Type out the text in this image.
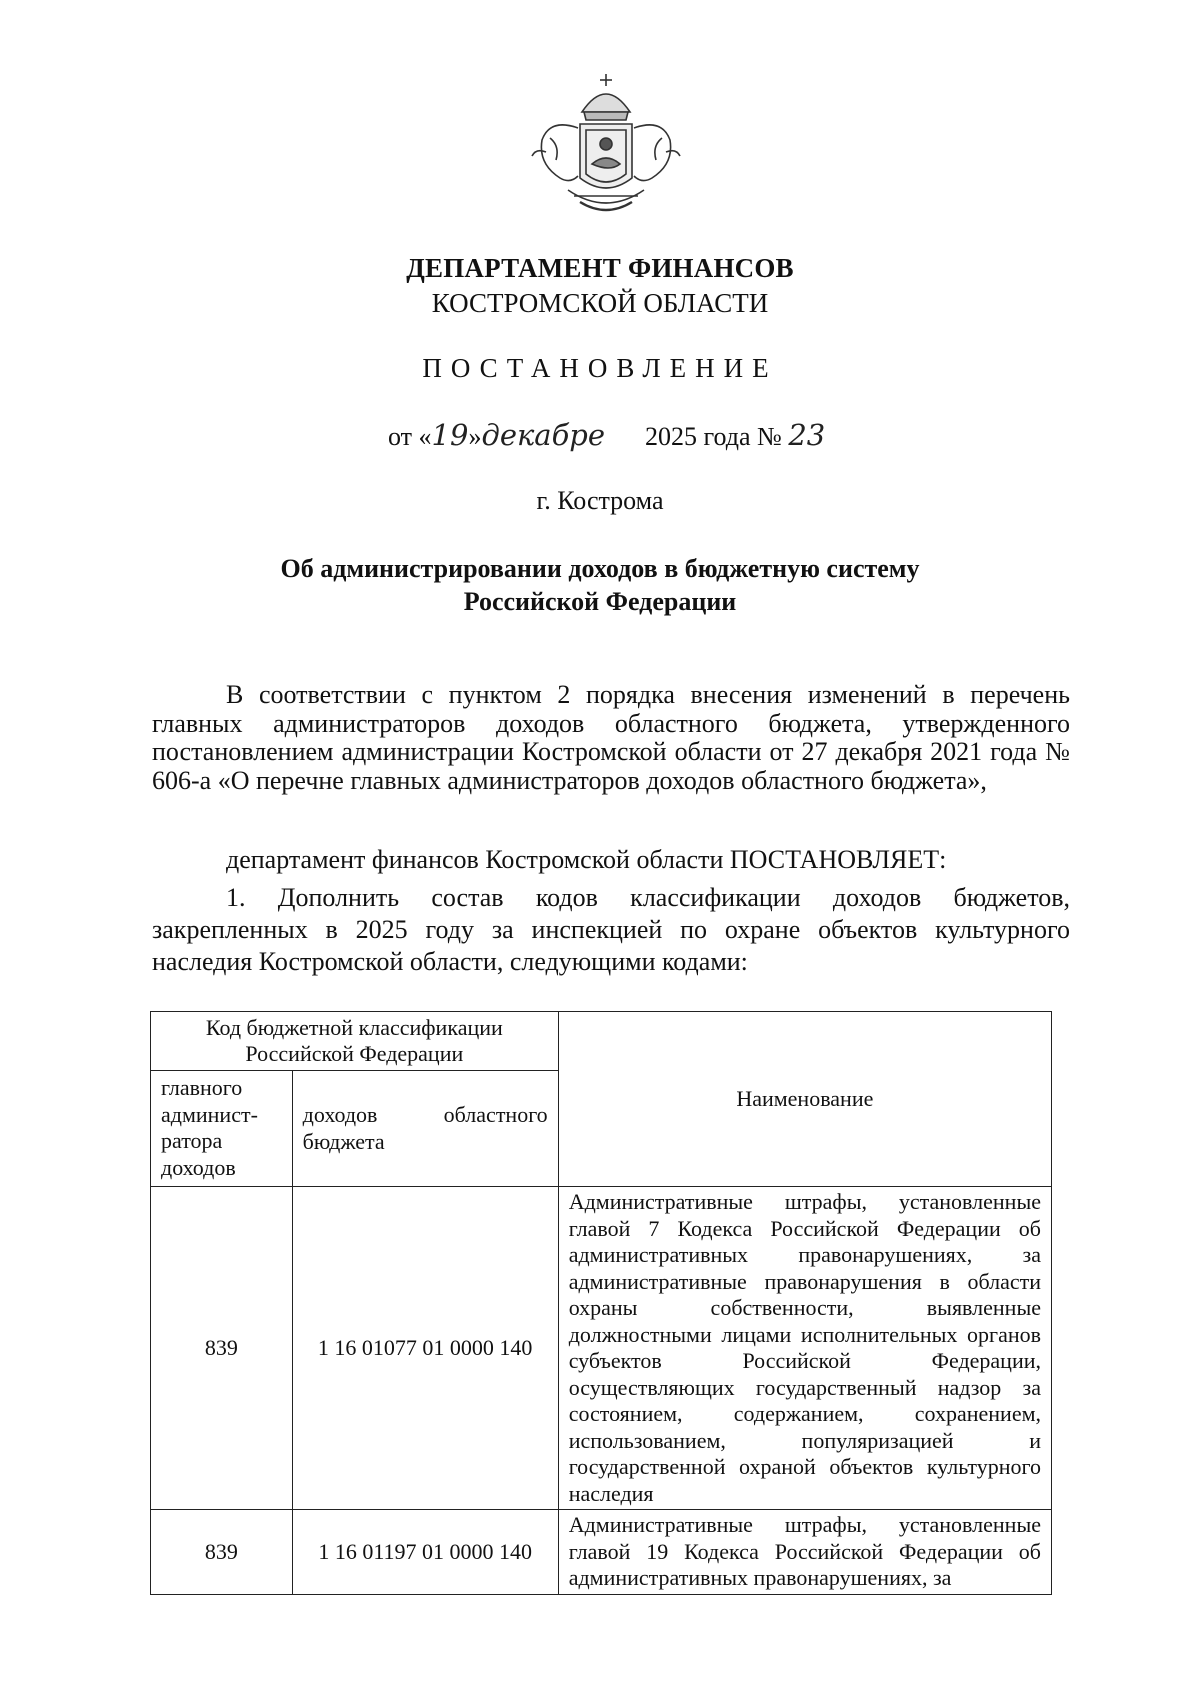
ДЕПАРТАМЕНТ ФИНАНСОВ
КОСТРОМСКОЙ ОБЛАСТИ
ПОСТАНОВЛЕНИЕ
от «19»декабре 2025 года № 23
г. Кострома
Об администрировании доходов в бюджетную систему
Российской Федерации
В соответствии с пунктом 2 порядка внесения изменений в перечень главных администраторов доходов областного бюджета, утвержденного постановлением администрации Костромской области от 27 декабря 2021 года № 606-а «О перечне главных администраторов доходов областного бюджета»,
департамент финансов Костромской области ПОСТАНОВЛЯЕТ:
1. Дополнить состав кодов классификации доходов бюджетов, закрепленных в 2025 году за инспекцией по охране объектов культурного наследия Костромской области, следующими кодами:
Код бюджетной классификации Российской Федерации		Наименование
главного админист-ратора доходов	доходов областного бюджета	
839	1 16 01077 01 0000 140	Административные штрафы, установленные главой 7 Кодекса Российской Федерации об административных правонарушениях, за административные правонарушения в области охраны собственности, выявленные должностными лицами исполнительных органов субъектов Российской Федерации, осуществляющих государственный надзор за состоянием, содержанием, сохранением, использованием, популяризацией и государственной охраной объектов культурного наследия
839	1 16 01197 01 0000 140	Административные штрафы, установленные главой 19 Кодекса Российской Федерации об административных правонарушениях, за
